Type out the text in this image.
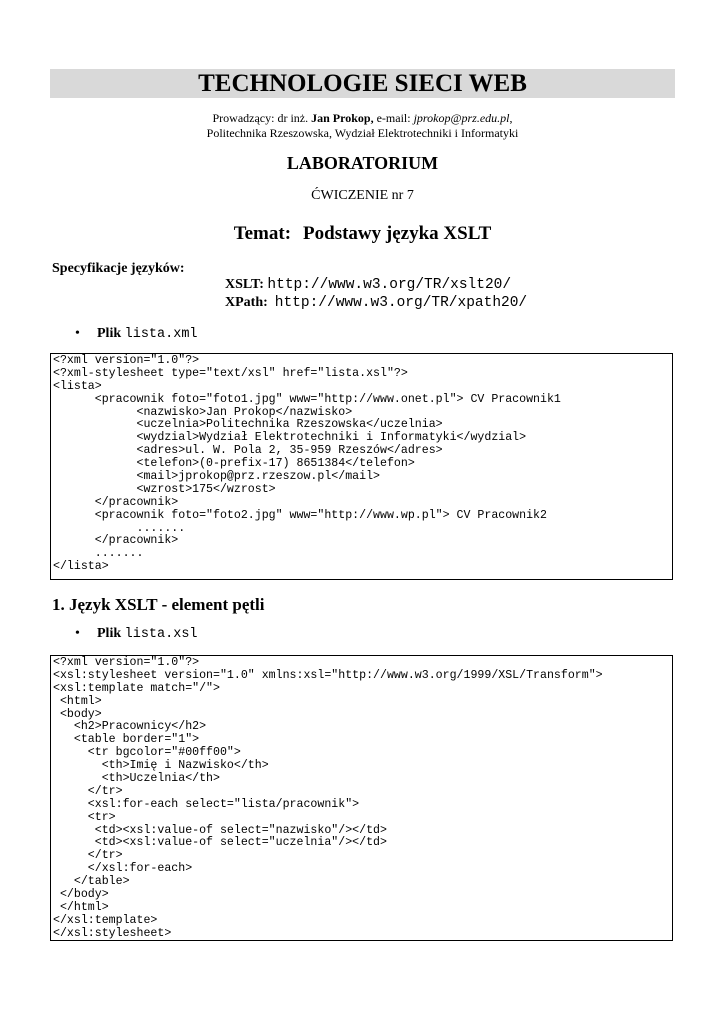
TECHNOLOGIE SIECI WEB
Prowadzący: dr inż. Jan Prokop, e-mail: jprokop@prz.edu.pl,
Politechnika Rzeszowska, Wydział Elektrotechniki i Informatyki
LABORATORIUM
ĆWICZENIE nr 7
Temat: Podstawy języka XSLT
Specyfikacje języków:
XSLT: http://www.w3.org/TR/xslt20/
XPath: http://www.w3.org/TR/xpath20/
• Plik lista.xml
<?xml version="1.0"?>
<?xml-stylesheet type="text/xsl" href="lista.xsl"?>
<lista>
<pracownik foto="foto1.jpg" www="http://www.onet.pl"> CV Pracownik1
<nazwisko>Jan Prokop</nazwisko>
<uczelnia>Politechnika Rzeszowska</uczelnia>
<wydzial>Wydział Elektrotechniki i Informatyki</wydzial>
<adres>ul. W. Pola 2, 35-959 Rzeszów</adres>
<telefon>(0-prefix-17) 8651384</telefon>
<mail>jprokop@prz.rzeszow.pl</mail>
<wzrost>175</wzrost>
</pracownik>
<pracownik foto="foto2.jpg" www="http://www.wp.pl"> CV Pracownik2
.......
</pracownik>
.......
</lista>
1. Język XSLT - element pętli
• Plik lista.xsl
<?xml version="1.0"?>
<xsl:stylesheet version="1.0" xmlns:xsl="http://www.w3.org/1999/XSL/Transform">
<xsl:template match="/">
<html>
<body>
<h2>Pracownicy</h2>
<table border="1">
<tr bgcolor="#00ff00">
<th>Imię i Nazwisko</th>
<th>Uczelnia</th>
</tr>
<xsl:for-each select="lista/pracownik">
<tr>
<td><xsl:value-of select="nazwisko"/></td>
<td><xsl:value-of select="uczelnia"/></td>
</tr>
</xsl:for-each>
</table>
</body>
</html>
</xsl:template>
</xsl:stylesheet>
